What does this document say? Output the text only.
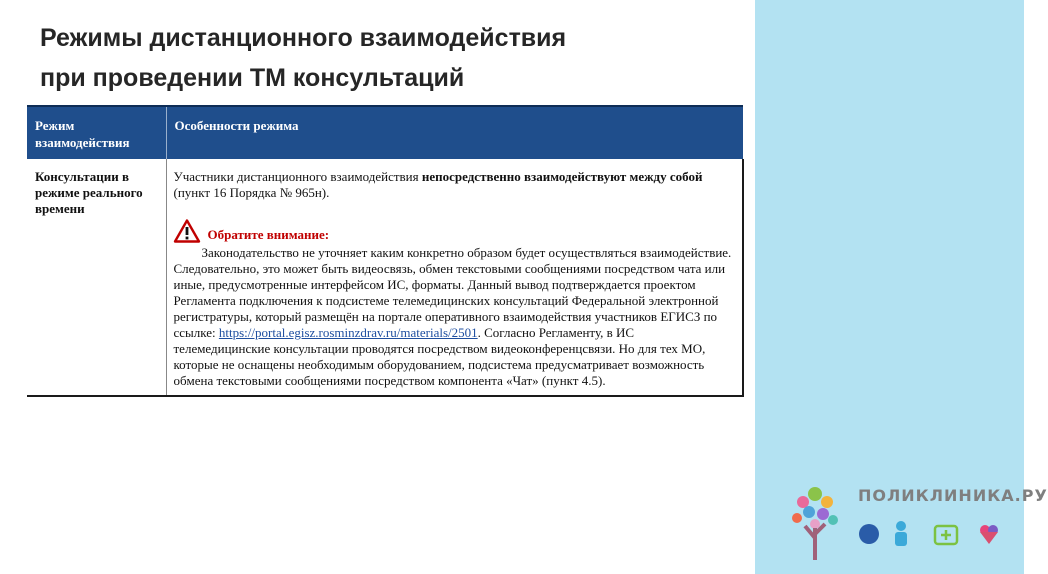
Режимы дистанционного взаимодействия
при проведении ТМ консультаций
Режим взаимодействия	Особенности режима
Консультации в режиме реального времени	Участники дистанционного взаимодействия непосредственно взаимодействуют между собой (пункт 16 Порядка № 965н).
Обратите внимание:
Законодательство не уточняет каким конкретно образом будет осуществляться взаимодействие. Следовательно, это может быть видеосвязь, обмен текстовыми сообщениями посредством чата или иные, предусмотренные интерфейсом ИС, форматы. Данный вывод подтверждается проектом Регламента подключения к подсистеме телемедицинских консультаций Федеральной электронной регистратуры, который размещён на портале оперативного взаимодействия участников ЕГИСЗ по ссылке: https://portal.egisz.rosminzdrav.ru/materials/2501. Согласно Регламенту, в ИС телемедицинские консультации проводятся посредством видеоконференцсвязи. Но для тех МО, которые не оснащены необходимым оборудованием, подсистема предусматривает возможность обмена текстовыми сообщениями посредством компонента «Чат» (пункт 4.5).
ПОЛИКЛИНИКА.РУ
